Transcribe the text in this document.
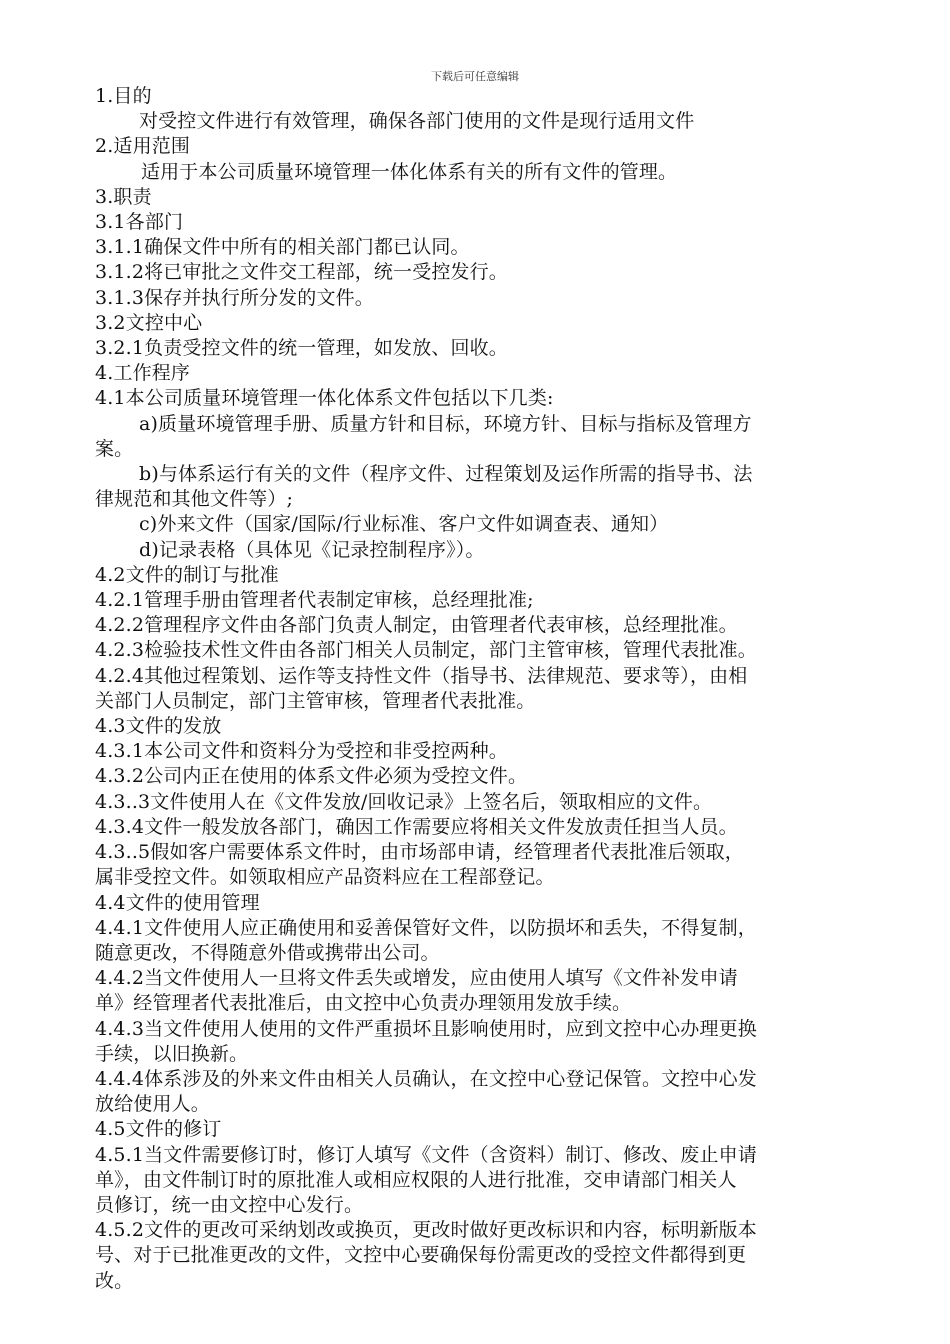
下载后可任意编辑
1.目的
对受控文件进行有效管理，确保各部门使用的文件是现行适用文件
2.适用范围
适用于本公司质量环境管理一体化体系有关的所有文件的管理。
3.职责
3.1各部门
3.1.1确保文件中所有的相关部门都已认同。
3.1.2将已审批之文件交工程部，统一受控发行。
3.1.3保存并执行所分发的文件。
3.2文控中心
3.2.1负责受控文件的统一管理，如发放、回收。
4.工作程序
4.1本公司质量环境管理一体化体系文件包括以下几类:
a)质量环境管理手册、质量方针和目标，环境方针、目标与指标及管理方
案。
b)与体系运行有关的文件（程序文件、过程策划及运作所需的指导书、法
律规范和其他文件等）;
c)外来文件（国家/国际/行业标准、客户文件如调查表、通知）
d)记录表格（具体见《记录控制程序》）。
4.2文件的制订与批准
4.2.1管理手册由管理者代表制定审核，总经理批准;
4.2.2管理程序文件由各部门负责人制定，由管理者代表审核，总经理批准。
4.2.3检验技术性文件由各部门相关人员制定，部门主管审核，管理代表批准。
4.2.4其他过程策划、运作等支持性文件（指导书、法律规范、要求等），由相
关部门人员制定，部门主管审核，管理者代表批准。
4.3文件的发放
4.3.1本公司文件和资料分为受控和非受控两种。
4.3.2公司内正在使用的体系文件必须为受控文件。
4.3..3文件使用人在《文件发放/回收记录》上签名后，领取相应的文件。
4.3.4文件一般发放各部门，确因工作需要应将相关文件发放责任担当人员。
4.3..5假如客户需要体系文件时，由市场部申请，经管理者代表批准后领取，
属非受控文件。如领取相应产品资料应在工程部登记。
4.4文件的使用管理
4.4.1文件使用人应正确使用和妥善保管好文件，以防损坏和丢失，不得复制，
随意更改，不得随意外借或携带出公司。
4.4.2当文件使用人一旦将文件丢失或增发，应由使用人填写《文件补发申请
单》经管理者代表批准后，由文控中心负责办理领用发放手续。
4.4.3当文件使用人使用的文件严重损坏且影响使用时，应到文控中心办理更换
手续，以旧换新。
4.4.4体系涉及的外来文件由相关人员确认，在文控中心登记保管。文控中心发
放给使用人。
4.5文件的修订
4.5.1当文件需要修订时，修订人填写《文件（含资料）制订、修改、废止申请
单》，由文件制订时的原批准人或相应权限的人进行批准，交申请部门相关人
员修订，统一由文控中心发行。
4.5.2文件的更改可采纳划改或换页，更改时做好更改标识和内容，标明新版本
号、对于已批准更改的文件，文控中心要确保每份需更改的受控文件都得到更
改。
